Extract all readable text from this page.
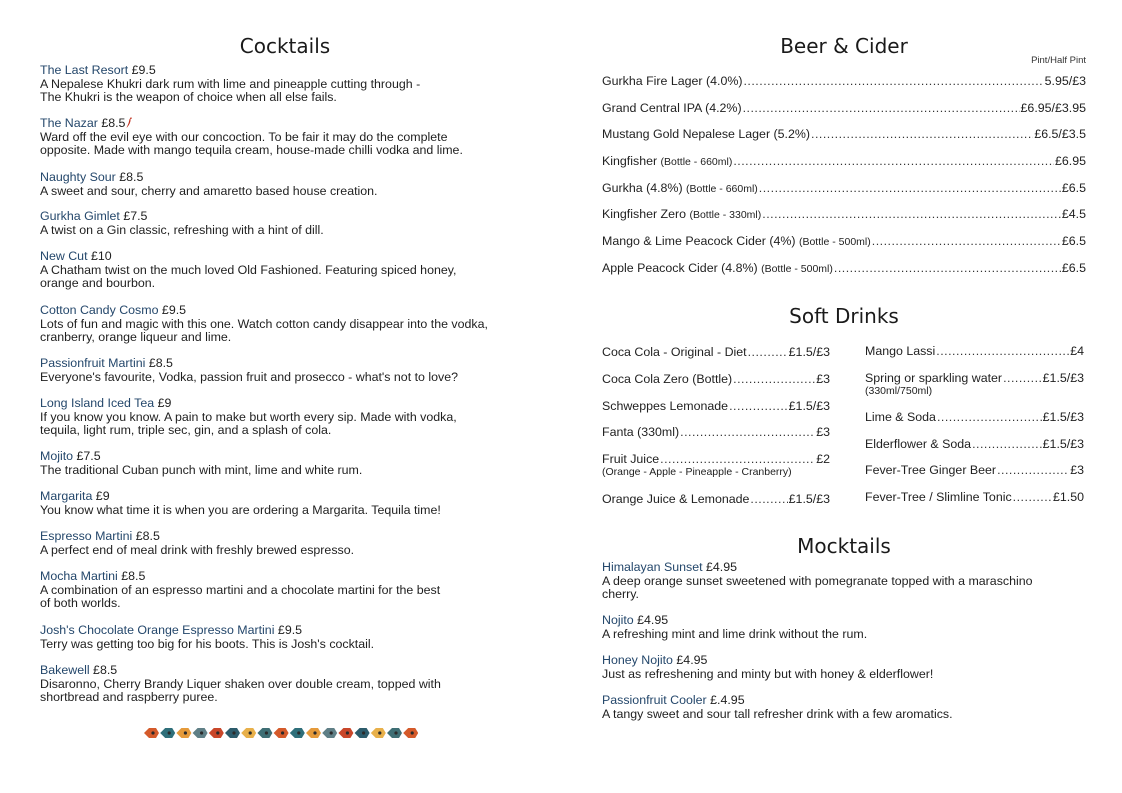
Cocktails
The Last Resort £9.5
A Nepalese Khukri dark rum with lime and pineapple cutting through -
The Khukri is the weapon of choice when all else fails.
The Nazar £8.5
Ward off the evil eye with our concoction. To be fair it may do the complete
opposite. Made with mango tequila cream, house-made chilli vodka and lime.
Naughty Sour £8.5
A sweet and sour, cherry and amaretto based house creation.
Gurkha Gimlet £7.5
A twist on a Gin classic, refreshing with a hint of dill.
New Cut £10
A Chatham twist on the much loved Old Fashioned. Featuring spiced honey,
orange and bourbon.
Cotton Candy Cosmo £9.5
Lots of fun and magic with this one. Watch cotton candy disappear into the vodka,
cranberry, orange liqueur and lime.
Passionfruit Martini £8.5
Everyone's favourite, Vodka, passion fruit and prosecco - what's not to love?
Long Island Iced Tea £9
If you know you know. A pain to make but worth every sip. Made with vodka,
tequila, light rum, triple sec, gin, and a splash of cola.
Mojito £7.5
The traditional Cuban punch with mint, lime and white rum.
Margarita £9
You know what time it is when you are ordering a Margarita. Tequila time!
Espresso Martini £8.5
A perfect end of meal drink with freshly brewed espresso.
Mocha Martini £8.5
A combination of an espresso martini and a chocolate martini for the best
of both worlds.
Josh's Chocolate Orange Espresso Martini £9.5
Terry was getting too big for his boots. This is Josh's cocktail.
Bakewell £8.5
Disaronno, Cherry Brandy Liquer shaken over double cream, topped with
shortbread and raspberry puree.
Beer & Cider
Pint/Half Pint
Gurkha Fire Lager (4.0%) .....	5.95/£3
Grand Central IPA (4.2%) .....	£6.95/£3.95
Mustang Gold Nepalese Lager (5.2%) .....	£6.5/£3.5
Kingfisher (Bottle - 660ml) .....	£6.95
Gurkha (4.8%) (Bottle - 660ml) .....	£6.5
Kingfisher Zero (Bottle - 330ml) .....	£4.5
Mango & Lime Peacock Cider (4%) (Bottle - 500ml) .....	£6.5
Apple Peacock Cider (4.8%) (Bottle - 500ml) .....	£6.5
Soft Drinks
Coca Cola - Original - Diet .....	£1.5/£3
Coca Cola Zero (Bottle) .....	£3
Schweppes Lemonade .....	£1.5/£3
Fanta (330ml) .....	£3
Fruit Juice .....	£2
(Orange - Apple - Pineapple - Cranberry)
Orange Juice & Lemonade .....	£1.5/£3
Mango Lassi .....	£4
Spring or sparkling water .....	£1.5/£3
(330ml/750ml)
Lime & Soda .....	£1.5/£3
Elderflower & Soda .....	£1.5/£3
Fever-Tree Ginger Beer .....	£3
Fever-Tree / Slimline Tonic .....	£1.50
Mocktails
Himalayan Sunset £4.95
A deep orange sunset sweetened with pomegranate topped with a maraschino
cherry.
Nojito £4.95
A refreshing mint and lime drink without the rum.
Honey Nojito £4.95
Just as refreshening and minty but with honey & elderflower!
Passionfruit Cooler £.4.95
A tangy sweet and sour tall refresher drink with a few aromatics.
